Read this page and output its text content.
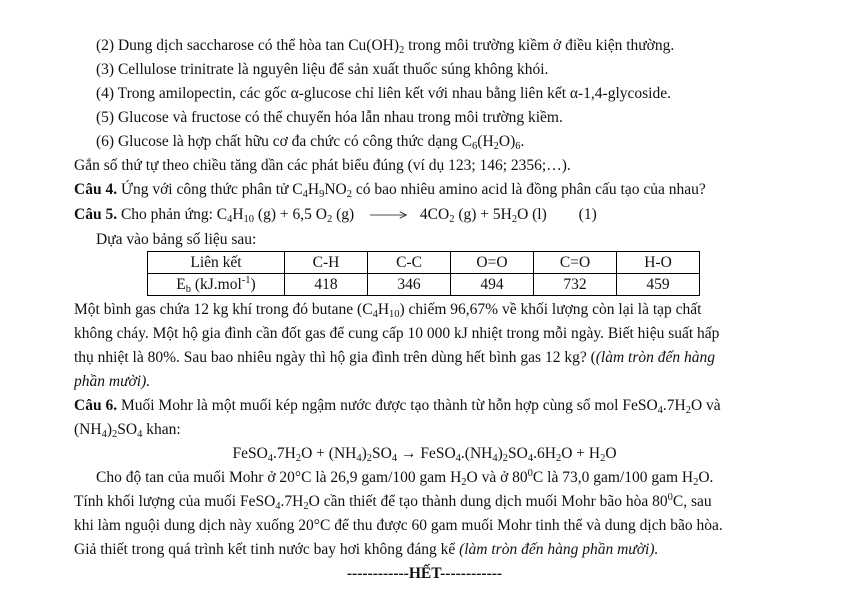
(2) Dung dịch saccharose có thể hòa $\tan Cu(OH)_2$ trong môi trường kiềm ở điều kiện thường.
(3) Cellulose trinitrate là nguyên liệu để sản xuất thuốc súng không khói.
(4) Trong amilopectin, các gốc α-glucose chỉ liên kết với nhau bằng liên kết α-1,4-glycoside.
(5) Glucose và fructose có thể chuyển hóa lẫn nhau trong môi trường kiềm.
(6) Glucose là hợp chất hữu cơ đa chức có công thức dạng $C_6(H_2O)_6$.
Gắn số thứ tự theo chiều tăng dần các phát biểu đúng (ví dụ 123; 146; 2356;…).
Câu 4. Ứng với công thức phân tử $C_4H_9NO_2$ có bao nhiêu amino acid là đồng phân cấu tạo của nhau?
Câu 5. Cho phản ứng: $C_4H_{10}$ (g) + 6,5 $O_2$ $(g) \to 4CO_2$ $(g) + 5H_2O$ (l) (1)
Dựa vào bảng số liệu sau:
Liên kết	C-H	C-C	O=O	C=O	H-O
$E_b$ (kJ.mol$^{-1}$)	418	346	494	732	459
Một bình gas chứa 12 kg khí trong đó butane $(C_4H_{10})$ chiếm 96,67% về khối lượng còn lại là tạp chất
không cháy. Một hộ gia đình cần đốt gas để cung cấp 10 000 kJ nhiệt trong mỗi ngày. Biết hiệu suất hấp
thụ nhiệt là 80%. Sau bao nhiêu ngày thì hộ gia đình trên dùng hết bình gas 12 kg? ((làm tròn đến hàng
phần mười).
Câu 6. Muối Mohr là một muối kép ngậm nước được tạo thành từ hỗn hợp cùng số mol $FeSO_4.7H_2O$ và
$(NH_4)_2SO_4$ khan:
$FeSO_4.7H_2O + (NH_4)_2SO_4$ → $FeSO_4.(NH_4)_2SO_4.6H_2O + H_2O$
Cho độ tan của muối Mohr ở 20°C là 26,9 gam/100 gam $H_2O$ và ở $80^0C$ là 73,0 gam/100 gam $H_2O$.
Tính khối lượng của muối $FeSO_4.7H_2O$ cần thiết để tạo thành dung dịch muối Mohr bão hòa $80^0C$, sau
khi làm nguội dung dịch này xuống 20°C để thu được 60 gam muối Mohr tinh thể và dung dịch bão hòa.
Giả thiết trong quá trình kết tinh nước bay hơi không đáng kể (làm tròn đến hàng phần mười).
------------HẾT------------
